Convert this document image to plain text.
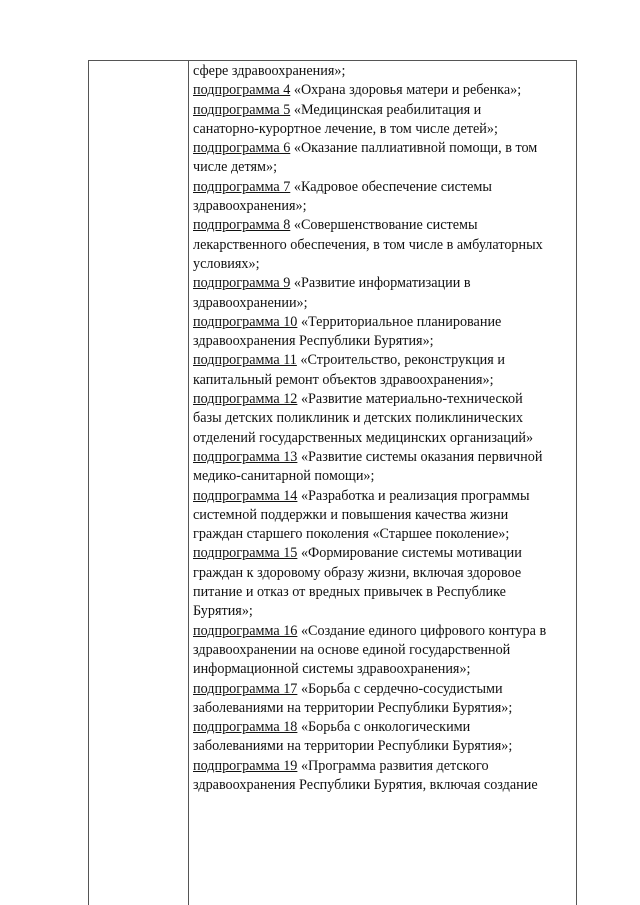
сфере здравоохранения»;
подпрограмма 4 «Охрана здоровья матери и ребенка»;
подпрограмма 5 «Медицинская реабилитация и
санаторно-курортное лечение, в том числе детей»;
подпрограмма 6 «Оказание паллиативной помощи, в том
числе детям»;
подпрограмма 7 «Кадровое обеспечение системы
здравоохранения»;
подпрограмма 8 «Совершенствование системы
лекарственного обеспечения, в том числе в амбулаторных
условиях»;
подпрограмма 9 «Развитие информатизации в
здравоохранении»;
подпрограмма 10 «Территориальное планирование
здравоохранения Республики Бурятия»;
подпрограмма 11 «Строительство, реконструкция и
капитальный ремонт объектов здравоохранения»;
подпрограмма 12 «Развитие материально-технической
базы детских поликлиник и детских поликлинических
отделений государственных медицинских организаций»
подпрограмма 13 «Развитие системы оказания первичной
медико-санитарной помощи»;
подпрограмма 14 «Разработка и реализация программы
системной поддержки и повышения качества жизни
граждан старшего поколения «Старшее поколение»;
подпрограмма 15 «Формирование системы мотивации
граждан к здоровому образу жизни, включая здоровое
питание и отказ от вредных привычек в Республике
Бурятия»;
подпрограмма 16 «Создание единого цифрового контура в
здравоохранении на основе единой государственной
информационной системы здравоохранения»;
подпрограмма 17 «Борьба с сердечно-сосудистыми
заболеваниями на территории Республики Бурятия»;
подпрограмма 18 «Борьба с онкологическими
заболеваниями на территории Республики Бурятия»;
подпрограмма 19 «Программа развития детского
здравоохранения Республики Бурятия, включая создание
